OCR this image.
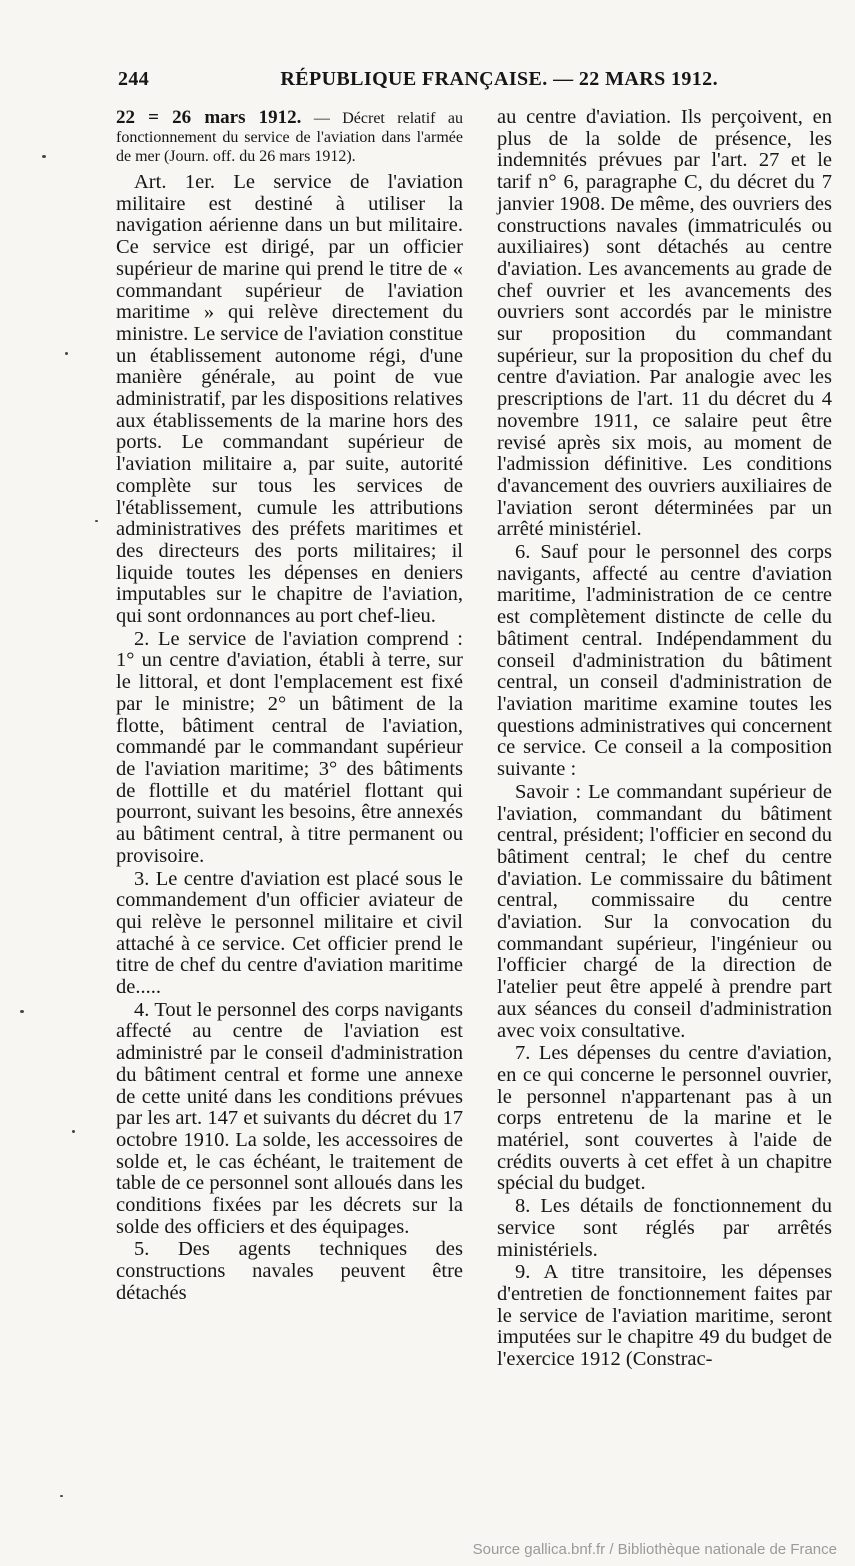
244	RÉPUBLIQUE FRANÇAISE. — 22 MARS 1912.

22 = 26 mars 1912. — Décret relatif au fonctionnement du service de l'aviation dans l'armée de mer (Journ. off. du 26 mars 1912).

Art. 1er. Le service de l'aviation militaire est destiné à utiliser la navigation aérienne dans un but militaire. Ce service est dirigé, par un officier supérieur de marine qui prend le titre de « commandant supérieur de l'aviation maritime » qui relève directement du ministre. Le service de l'aviation constitue un établissement autonome régi, d'une manière générale, au point de vue administratif, par les dispositions relatives aux établissements de la marine hors des ports. Le commandant supérieur de l'aviation militaire a, par suite, autorité complète sur tous les services de l'établissement, cumule les attributions administratives des préfets maritimes et des directeurs des ports militaires; il liquide toutes les dépenses en deniers imputables sur le chapitre de l'aviation, qui sont ordonnances au port chef-lieu.

2. Le service de l'aviation comprend : 1° un centre d'aviation, établi à terre, sur le littoral, et dont l'emplacement est fixé par le ministre; 2° un bâtiment de la flotte, bâtiment central de l'aviation, commandé par le commandant supérieur de l'aviation maritime; 3° des bâtiments de flottille et du matériel flottant qui pourront, suivant les besoins, être annexés au bâtiment central, à titre permanent ou provisoire.

3. Le centre d'aviation est placé sous le commandement d'un officier aviateur de qui relève le personnel militaire et civil attaché à ce service. Cet officier prend le titre de chef du centre d'aviation maritime de.....

4. Tout le personnel des corps navigants affecté au centre de l'aviation est administré par le conseil d'administration du bâtiment central et forme une annexe de cette unité dans les conditions prévues par les art. 147 et suivants du décret du 17 octobre 1910. La solde, les accessoires de solde et, le cas échéant, le traitement de table de ce personnel sont alloués dans les conditions fixées par les décrets sur la solde des officiers et des équipages.

5. Des agents techniques des constructions navales peuvent être détachés

au centre d'aviation. Ils perçoivent, en plus de la solde de présence, les indemnités prévues par l'art. 27 et le tarif n° 6, paragraphe C, du décret du 7 janvier 1908. De même, des ouvriers des constructions navales (immatriculés ou auxiliaires) sont détachés au centre d'aviation. Les avancements au grade de chef ouvrier et les avancements des ouvriers sont accordés par le ministre sur proposition du commandant supérieur, sur la proposition du chef du centre d'aviation. Par analogie avec les prescriptions de l'art. 11 du décret du 4 novembre 1911, ce salaire peut être revisé après six mois, au moment de l'admission définitive. Les conditions d'avancement des ouvriers auxiliaires de l'aviation seront déterminées par un arrêté ministériel.

6. Sauf pour le personnel des corps navigants, affecté au centre d'aviation maritime, l'administration de ce centre est complètement distincte de celle du bâtiment central. Indépendamment du conseil d'administration du bâtiment central, un conseil d'administration de l'aviation maritime examine toutes les questions administratives qui concernent ce service. Ce conseil a la composition suivante :

Savoir : Le commandant supérieur de l'aviation, commandant du bâtiment central, président; l'officier en second du bâtiment central; le chef du centre d'aviation. Le commissaire du bâtiment central, commissaire du centre d'aviation. Sur la convocation du commandant supérieur, l'ingénieur ou l'officier chargé de la direction de l'atelier peut être appelé à prendre part aux séances du conseil d'administration avec voix consultative.

7. Les dépenses du centre d'aviation, en ce qui concerne le personnel ouvrier, le personnel n'appartenant pas à un corps entretenu de la marine et le matériel, sont couvertes à l'aide de crédits ouverts à cet effet à un chapitre spécial du budget.

8. Les détails de fonctionnement du service sont réglés par arrêtés ministériels.

9. A titre transitoire, les dépenses d'entretien de fonctionnement faites par le service de l'aviation maritime, seront imputées sur le chapitre 49 du budget de l'exercice 1912 (Constrac-

Source gallica.bnf.fr / Bibliothèque nationale de France
